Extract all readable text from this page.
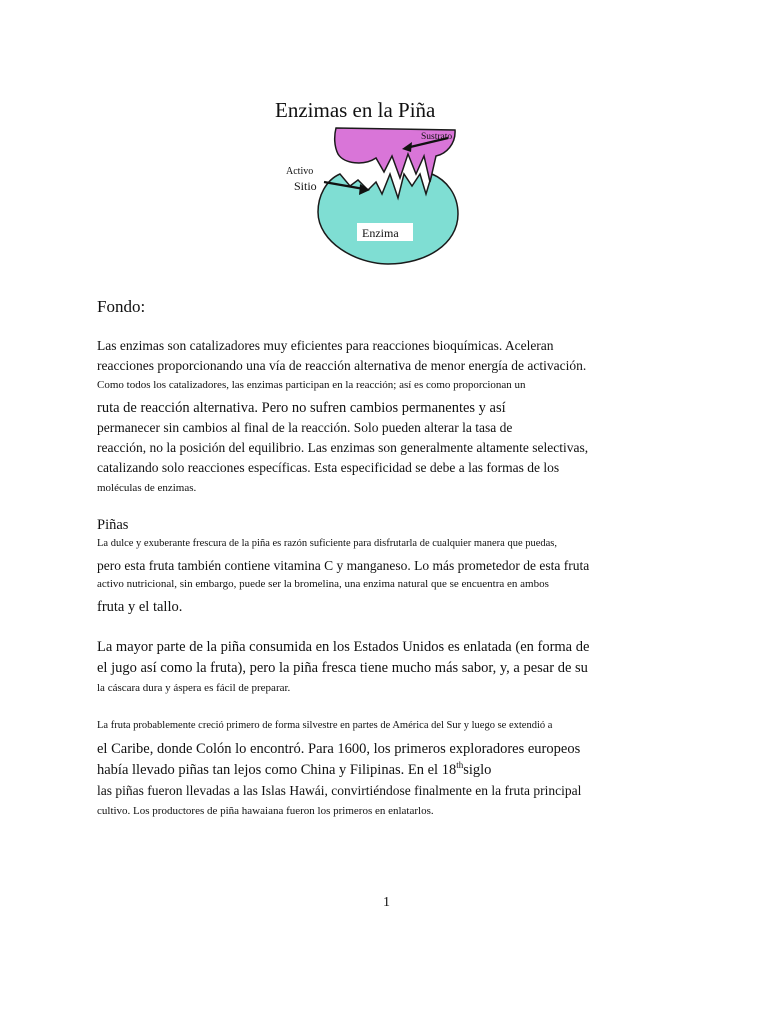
Enzimas en la Piña
Sustrato
Activo
Sitio
Enzima
Fondo:

Las enzimas son catalizadores muy eficientes para reacciones bioquímicas. Aceleran

reacciones proporcionando una vía de reacción alternativa de menor energía de activación.

Como todos los catalizadores, las enzimas participan en la reacción; así es como proporcionan un

ruta de reacción alternativa. Pero no sufren cambios permanentes y así

permanecer sin cambios al final de la reacción. Solo pueden alterar la tasa de

reacción, no la posición del equilibrio. Las enzimas son generalmente altamente selectivas,

catalizando solo reacciones específicas. Esta especificidad se debe a las formas de los

moléculas de enzimas.

Piñas

La dulce y exuberante frescura de la piña es razón suficiente para disfrutarla de cualquier manera que puedas,

pero esta fruta también contiene vitamina C y manganeso. Lo más prometedor de esta fruta

activo nutricional, sin embargo, puede ser la bromelina, una enzima natural que se encuentra en ambos

fruta y el tallo.

La mayor parte de la piña consumida en los Estados Unidos es enlatada (en forma de

el jugo así como la fruta), pero la piña fresca tiene mucho más sabor, y, a pesar de su

la cáscara dura y áspera es fácil de preparar.

La fruta probablemente creció primero de forma silvestre en partes de América del Sur y luego se extendió a

el Caribe, donde Colón lo encontró. Para 1600, los primeros exploradores europeos

había llevado piñas tan lejos como China y Filipinas. En el 18thsiglo

las piñas fueron llevadas a las Islas Hawái, convirtiéndose finalmente en la fruta principal

cultivo. Los productores de piña hawaiana fueron los primeros en enlatarlos.

1
